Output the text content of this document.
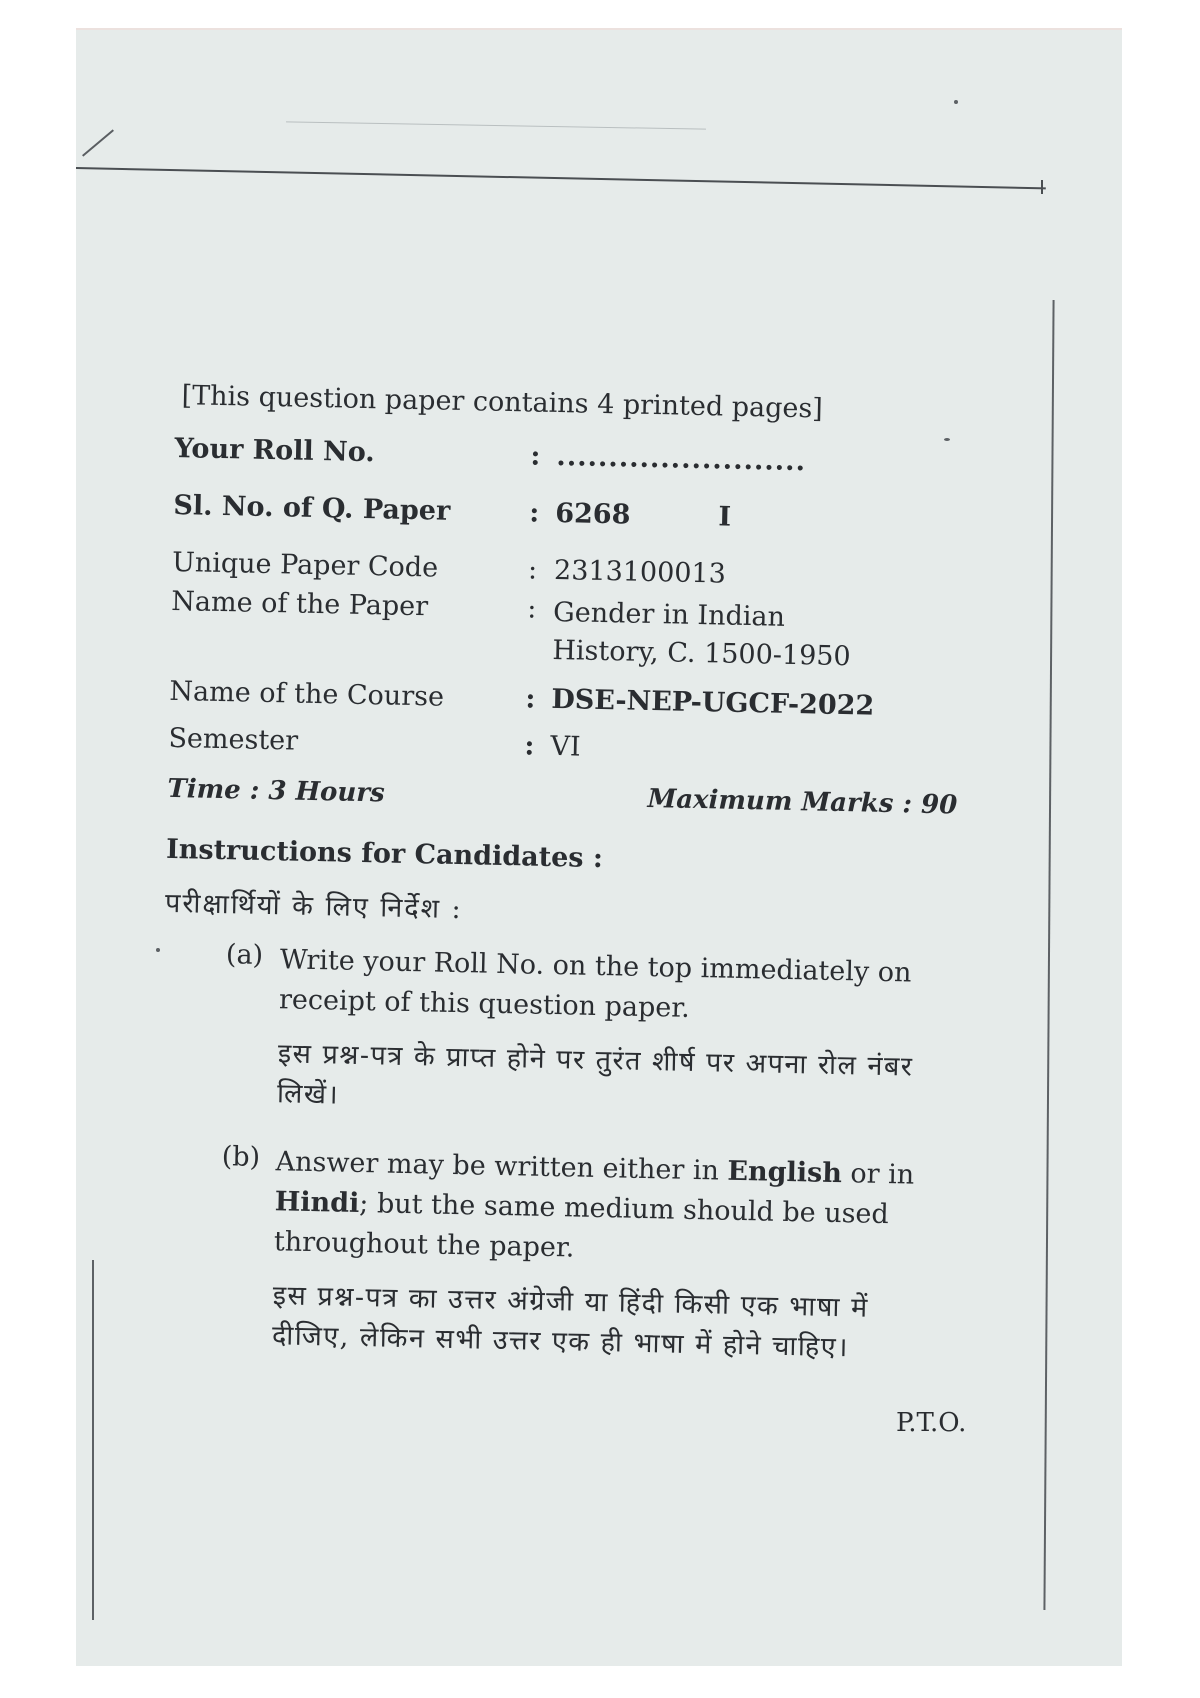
[This question paper contains 4 printed pages]
Your Roll No.	: ........................
Sl. No. of Q. Paper	: 6268	I
Unique Paper Code	: 2313100013
Name of the Paper	: Gender in Indian
History, C. 1500-1950
Name of the Course	: DSE-NEP-UGCF-2022
Semester	: VI
Time : 3 Hours	Maximum Marks : 90
Instructions for Candidates :
परीक्षार्थियों के लिए निर्देश :
(a) Write your Roll No. on the top immediately on receipt of this question paper.

इस प्रश्न-पत्र के प्राप्त होने पर तुरंत शीर्ष पर अपना रोल नंबर लिखें।

(b) Answer may be written either in English or in Hindi; but the same medium should be used throughout the paper.

इस प्रश्न-पत्र का उत्तर अंग्रेजी या हिंदी किसी एक भाषा में दीजिए, लेकिन सभी उत्तर एक ही भाषा में होने चाहिए।

P.T.O.
